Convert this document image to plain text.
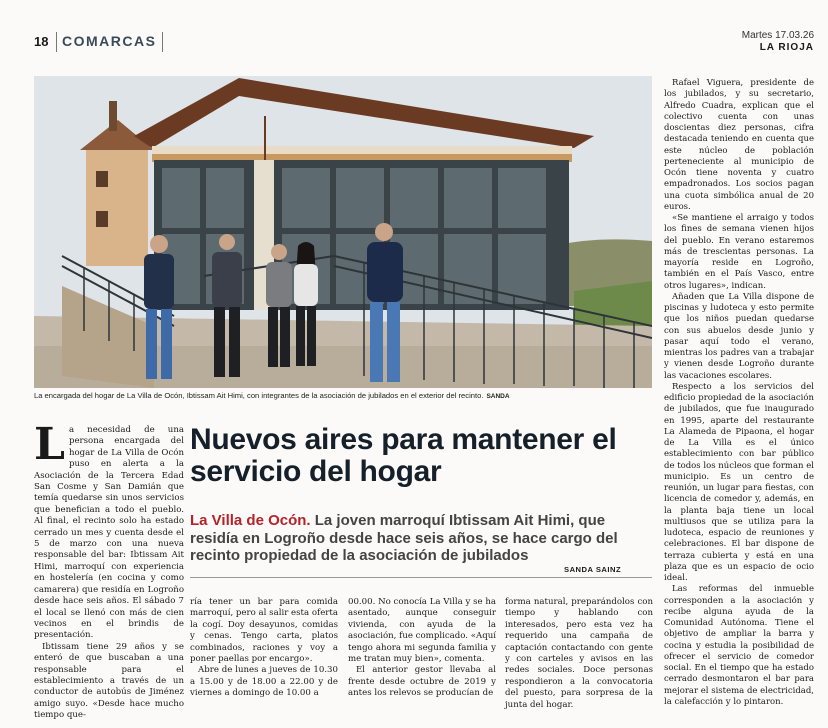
18 COMARCAS	Martes 17.03.26
LA RIOJA
La encargada del hogar de La Villa de Ocón, Ibtissam Ait Himi, con integrantes de la asociación de jubilados en el exterior del recinto. SANDA

La necesidad de una persona encargada del hogar de La Villa de Ocón puso en alerta a la Asociación de la Tercera Edad San Cosme y San Damián que temía quedarse sin unos servicios que benefician a todo el pueblo. Al final, el recinto solo ha estado cerrado un mes y cuenta desde el 5 de marzo con una nueva responsable del bar: Ibtissam Ait Himi, marroquí con experiencia en hostelería (en cocina y como camarera) que residía en Logroño desde hace seis años. El sábado 7 el local se llenó con más de cien vecinos en el brindis de presentación.

Ibtissam tiene 29 años y se enteró de que buscaban a una responsable para el establecimiento a través de un conductor de autobús de Jiménez amigo suyo. «Desde hace mucho tiempo que-

Nuevos aires para mantener el servicio del hogar
La Villa de Ocón. La joven marroquí Ibtissam Ait Himi, que residía en Logroño desde hace seis años, se hace cargo del recinto propiedad de la asociación de jubilados
SANDA SAINZ

ría tener un bar para comida marroquí, pero al salir esta oferta la cogí. Doy desayunos, comidas y cenas. Tengo carta, platos combinados, raciones y voy a poner paellas por encargo».

Abre de lunes a jueves de 10.30 a 15.00 y de 18.00 a 22.00 y de viernes a domingo de 10.00 a

00.00. No conocía La Villa y se ha asentado, aunque conseguir vivienda, con ayuda de la asociación, fue complicado. «Aquí tengo ahora mi segunda familia y me tratan muy bien», comenta.

El anterior gestor llevaba al frente desde octubre de 2019 y antes los relevos se producían de

forma natural, preparándolos con tiempo y hablando con interesados, pero esta vez ha requerido una campaña de captación contactando con gente y con carteles y avisos en las redes sociales. Doce personas respondieron a la convocatoria del puesto, para sorpresa de la junta del hogar.

Rafael Viguera, presidente de los jubilados, y su secretario, Alfredo Cuadra, explican que el colectivo cuenta con unas doscientas diez personas, cifra destacada teniendo en cuenta que este núcleo de población perteneciente al municipio de Ocón tiene noventa y cuatro empadronados. Los socios pagan una cuota simbólica anual de 20 euros.

«Se mantiene el arraigo y todos los fines de semana vienen hijos del pueblo. En verano estaremos más de trescientas personas. La mayoría reside en Logroño, también en el País Vasco, entre otros lugares», indican.

Añaden que La Villa dispone de piscinas y ludoteca y esto permite que los niños puedan quedarse con sus abuelos desde junio y pasar aquí todo el verano, mientras los padres van a trabajar y vienen desde Logroño durante las vacaciones escolares.

Respecto a los servicios del edificio propiedad de la asociación de jubilados, que fue inaugurado en 1995, aparte del restaurante La Alameda de Pipaona, el hogar de La Villa es el único establecimiento con bar público de todos los núcleos que forman el municipio. Es un centro de reunión, un lugar para fiestas, con licencia de comedor y, además, en la planta baja tiene un local multiusos que se utiliza para la ludoteca, espacio de reuniones y celebraciones. El bar dispone de terraza cubierta y está en una plaza que es un espacio de ocio ideal.

Las reformas del inmueble corresponden a la asociación y recibe alguna ayuda de la Comunidad Autónoma. Tiene el objetivo de ampliar la barra y cocina y estudia la posibilidad de ofrecer el servicio de comedor social. En el tiempo que ha estado cerrado desmontaron el bar para mejorar el sistema de electricidad, la calefacción y lo pintaron.
